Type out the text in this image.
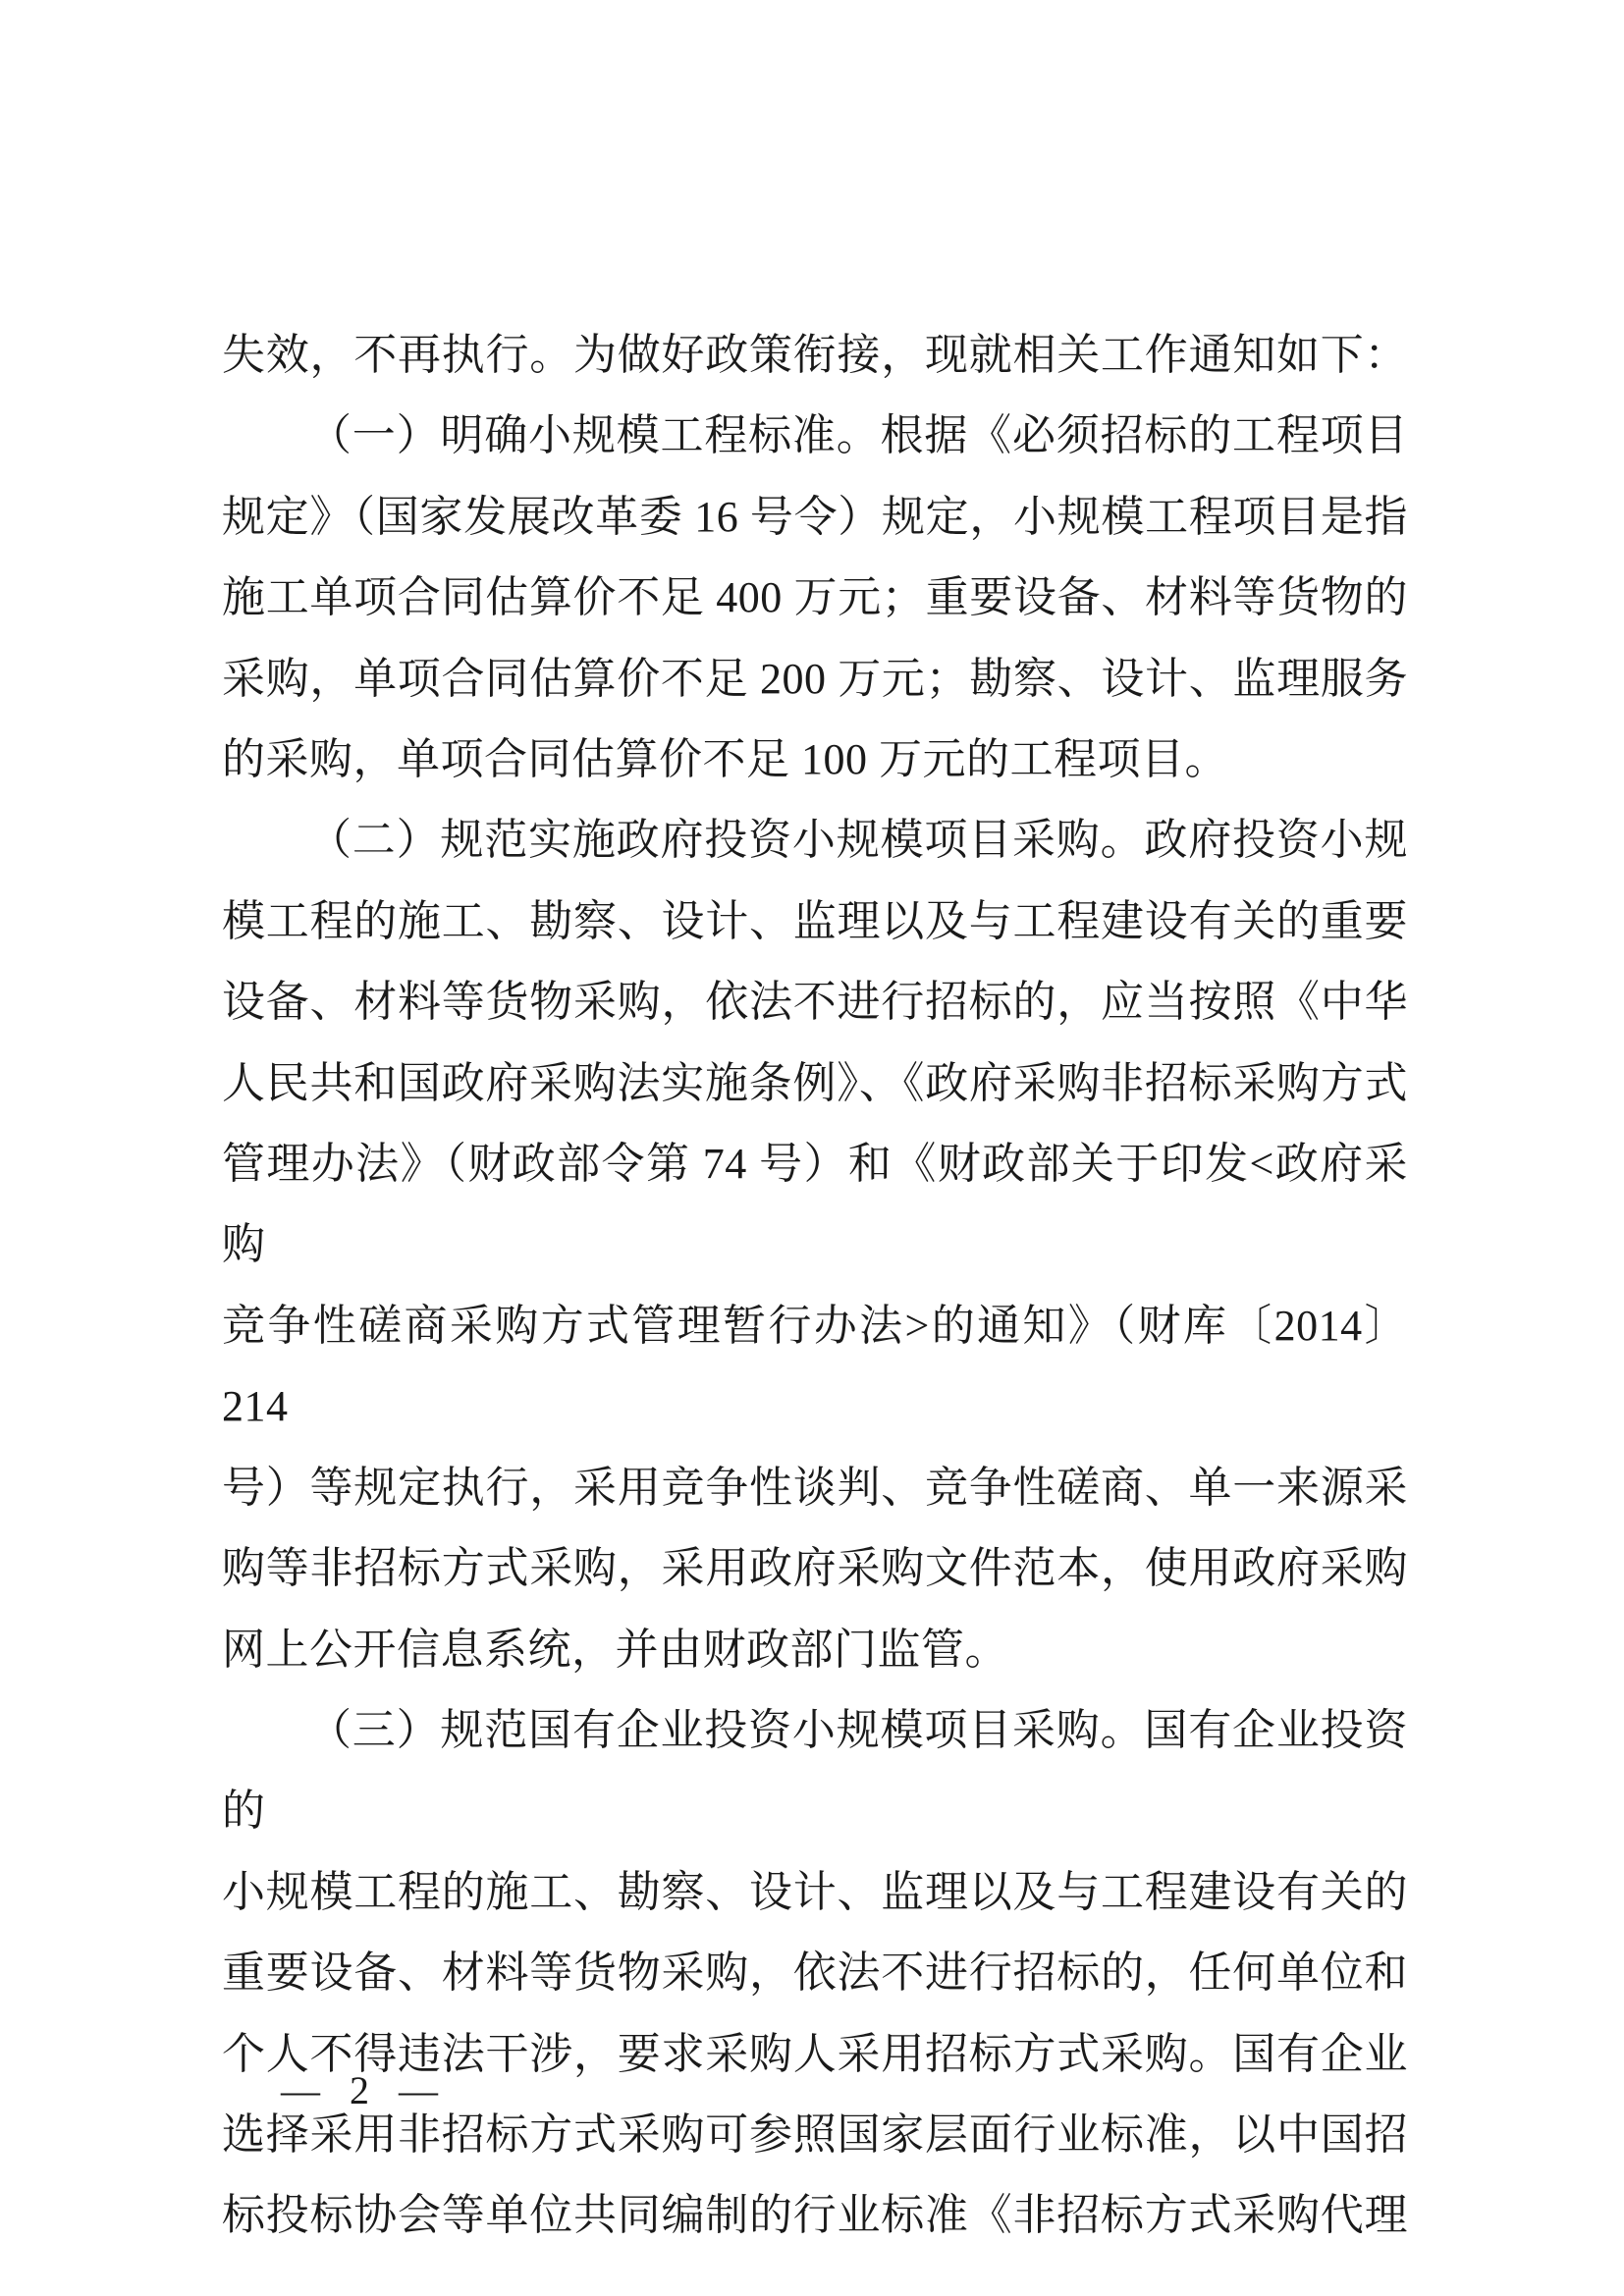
失效，不再执行。为做好政策衔接，现就相关工作通知如下：
（一）明确小规模工程标准。根据《必须招标的工程项目
规定》（国家发展改革委 16 号令）规定，小规模工程项目是指
施工单项合同估算价不足 400 万元；重要设备、材料等货物的
采购，单项合同估算价不足 200 万元；勘察、设计、监理服务
的采购，单项合同估算价不足 100 万元的工程项目。
（二）规范实施政府投资小规模项目采购。政府投资小规
模工程的施工、勘察、设计、监理以及与工程建设有关的重要
设备、材料等货物采购，依法不进行招标的，应当按照《中华
人民共和国政府采购法实施条例》、《政府采购非招标采购方式
管理办法》（财政部令第 74 号）和《财政部关于印发<政府采购
竞争性磋商采购方式管理暂行办法>的通知》（财库〔2014〕214
号）等规定执行，采用竞争性谈判、竞争性磋商、单一来源采
购等非招标方式采购，采用政府采购文件范本，使用政府采购
网上公开信息系统，并由财政部门监管。
（三）规范国有企业投资小规模项目采购。国有企业投资的
小规模工程的施工、勘察、设计、监理以及与工程建设有关的
重要设备、材料等货物采购，依法不进行招标的，任何单位和
个人不得违法干涉，要求采购人采用招标方式采购。国有企业
选择采用非招标方式采购可参照国家层面行业标准，以中国招
标投标协会等单位共同编制的行业标准《非招标方式采购代理
— 2 —
